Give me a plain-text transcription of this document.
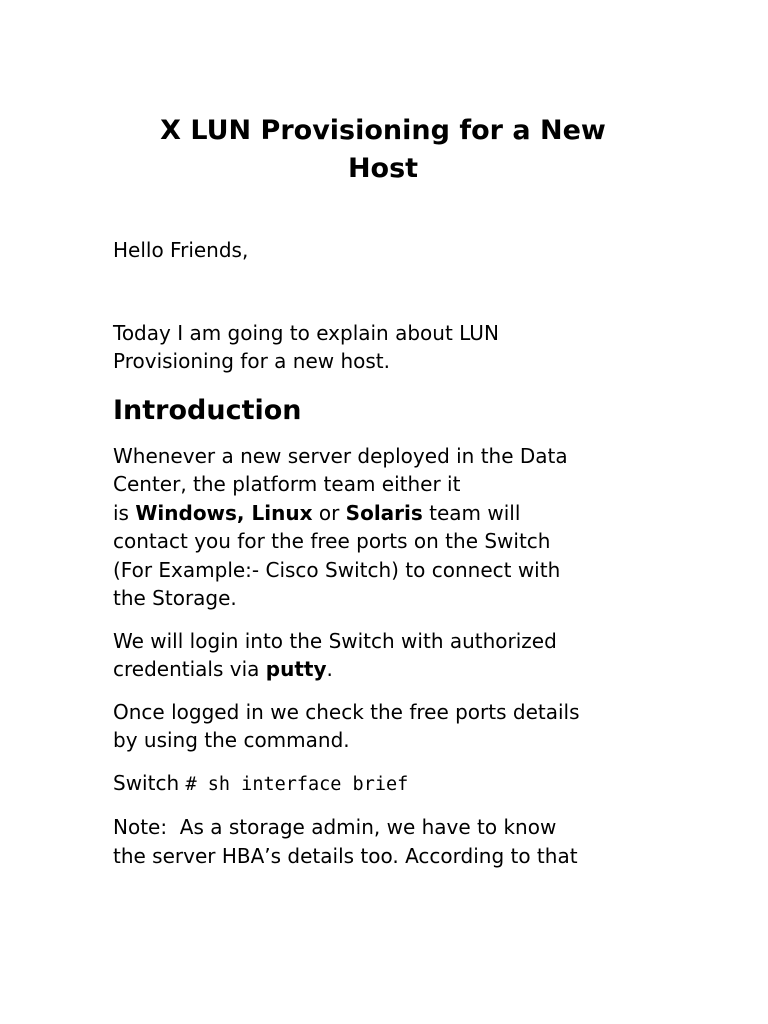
X LUN Provisioning for a New
Host

Hello Friends,

Today I am going to explain about LUN
Provisioning for a new host.

Introduction

Whenever a new server deployed in the Data
Center, the platform team either it
is Windows, Linux or Solaris team will
contact you for the free ports on the Switch
(For Example:- Cisco Switch) to connect with
the Storage.

We will login into the Switch with authorized
credentials via putty.

Once logged in we check the free ports details
by using the command.

Switch # sh interface brief

Note:  As a storage admin, we have to know
the server HBA’s details too. According to that
